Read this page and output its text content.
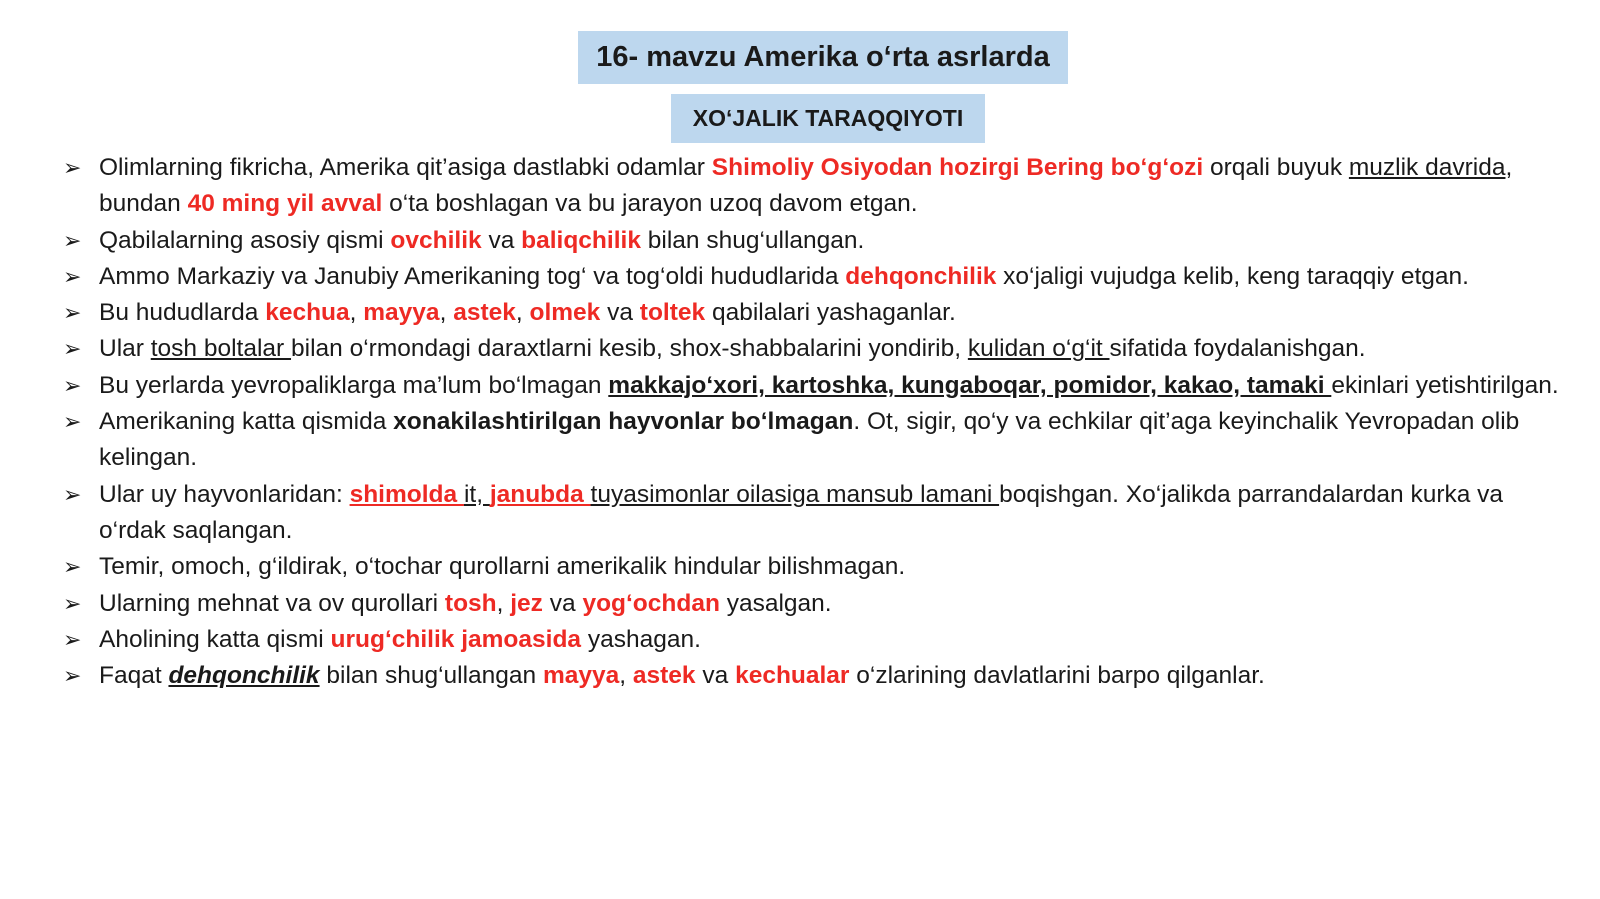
16- mavzu Amerika o‘rta asrlarda
XO‘JALIK TARAQQIYOTI
➢ Olimlarning fikricha, Amerika qit’asiga dastlabki odamlar Shimoliy Osiyodan hozirgi Bering bo‘g‘ozi orqali buyuk muzlik davrida, bundan 40 ming yil avval o‘ta boshlagan va bu jarayon uzoq davom etgan.
➢ Qabilalarning asosiy qismi ovchilik va baliqchilik bilan shug‘ullangan.
➢ Ammo Markaziy va Janubiy Amerikaning tog‘ va tog‘oldi hududlarida dehqonchilik xo‘jaligi vujudga kelib, keng taraqqiy etgan.
➢ Bu hududlarda kechua, mayya, astek, olmek va toltek qabilalari yashaganlar.
➢ Ular tosh boltalar bilan o‘rmondagi daraxtlarni kesib, shox-shabbalarini yondirib, kulidan o‘g‘it sifatida foydalanishgan.
➢ Bu yerlarda yevropaliklarga ma’lum bo‘lmagan makkajo‘xori, kartoshka, kungaboqar, pomidor, kakao, tamaki ekinlari yetishtirilgan.
➢ Amerikaning katta qismida xonakilashtirilgan hayvonlar bo‘lmagan. Ot, sigir, qo‘y va echkilar qit’aga keyinchalik Yevropadan olib kelingan.
➢ Ular uy hayvonlaridan: shimolda it, janubda tuyasimonlar oilasiga mansub lamani boqishgan. Xo‘jalikda parrandalardan kurka va o‘rdak saqlangan.
➢ Temir, omoch, g‘ildirak, o‘tochar qurollarni amerikalik hindular bilishmagan.
➢ Ularning mehnat va ov qurollari tosh, jez va yog‘ochdan yasalgan.
➢ Aholining katta qismi urug‘chilik jamoasida yashagan.
➢ Faqat dehqonchilik bilan shug‘ullangan mayya, astek va kechualar o‘zlarining davlatlarini barpo qilganlar.
